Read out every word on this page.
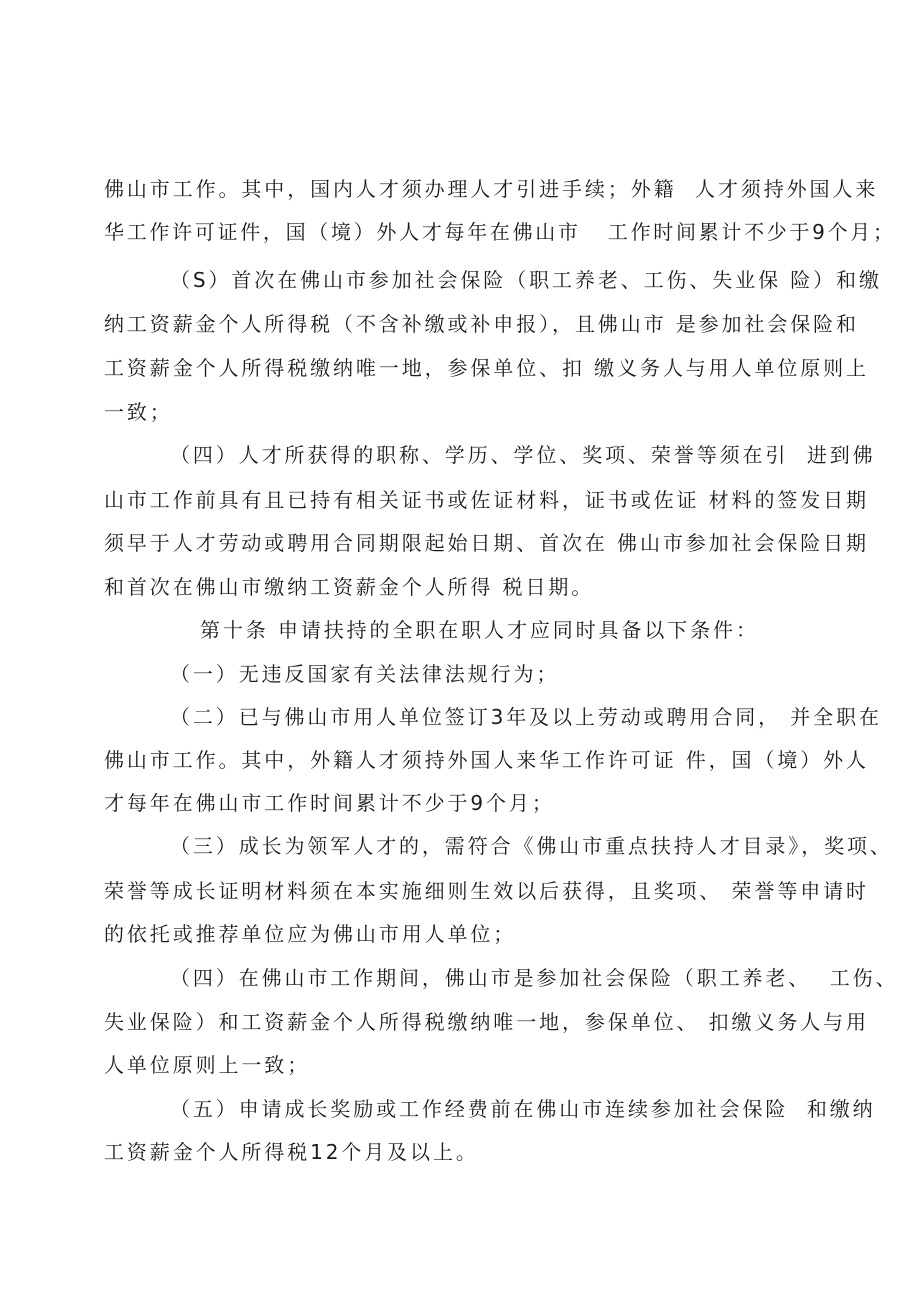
佛山市工作。其中，国内人才须办理人才引进手续；外籍  人才须持外国人来
华工作许可证件，国（境）外人才每年在佛山市   工作时间累计不少于9个月；
（S）首次在佛山市参加社会保险（职工养老、工伤、失业保 险）和缴
纳工资薪金个人所得税（不含补缴或补申报），且佛山市 是参加社会保险和
工资薪金个人所得税缴纳唯一地，参保单位、扣 缴义务人与用人单位原则上
一致；
（四）人才所获得的职称、学历、学位、奖项、荣誉等须在引  进到佛
山市工作前具有且已持有相关证书或佐证材料，证书或佐证 材料的签发日期
须早于人才劳动或聘用合同期限起始日期、首次在 佛山市参加社会保险日期
和首次在佛山市缴纳工资薪金个人所得 税日期。
第十条 申请扶持的全职在职人才应同时具备以下条件：
（一）无违反国家有关法律法规行为；
（二）已与佛山市用人单位签订3年及以上劳动或聘用合同， 并全职在
佛山市工作。其中，外籍人才须持外国人来华工作许可证 件，国（境）外人
才每年在佛山市工作时间累计不少于9个月；
（三）成长为领军人才的，需符合《佛山市重点扶持人才目录》，奖项、
荣誉等成长证明材料须在本实施细则生效以后获得，且奖项、 荣誉等申请时
的依托或推荐单位应为佛山市用人单位；
（四）在佛山市工作期间，佛山市是参加社会保险（职工养老、  工伤、
失业保险）和工资薪金个人所得税缴纳唯一地，参保单位、 扣缴义务人与用
人单位原则上一致；
（五）申请成长奖励或工作经费前在佛山市连续参加社会保险  和缴纳
工资薪金个人所得税12个月及以上。
